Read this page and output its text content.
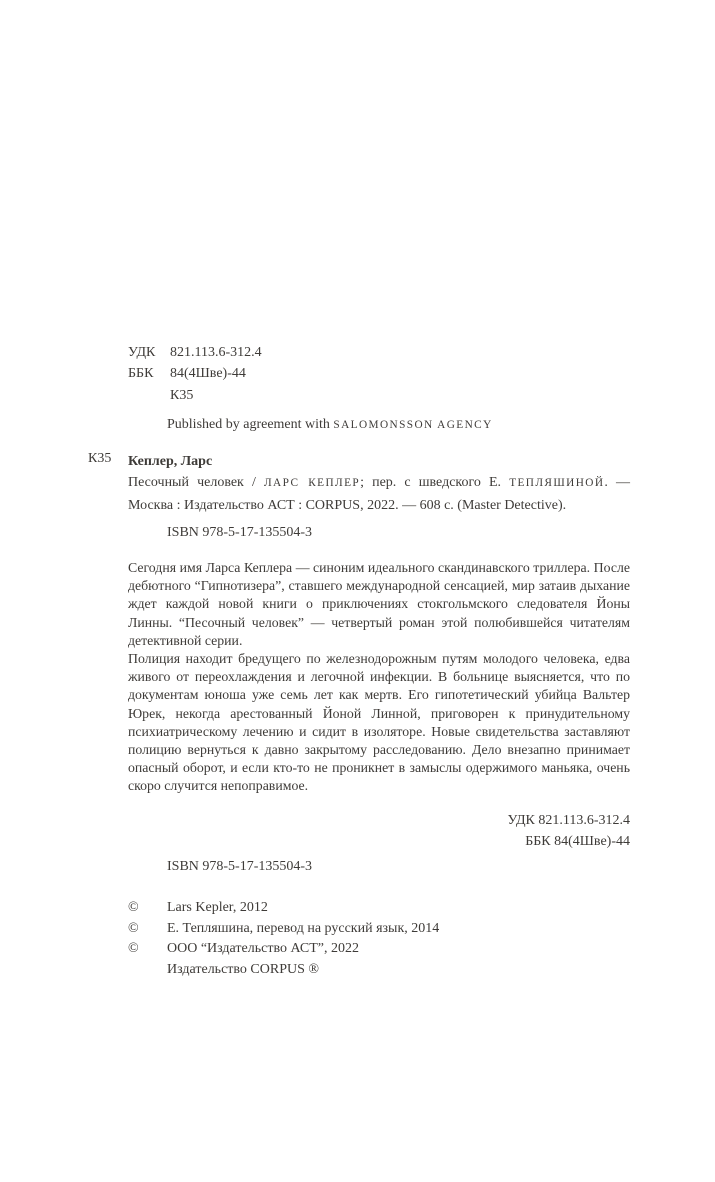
УДК 821.113.6-312.4
ББК 84(4Шве)-44
К35
Published by agreement with SALOMONSSON AGENCY
К35 Кеплер, Ларс

Песочный человек / ЛАРС КЕПЛЕР; пер. с шведского Е. ТЕПЛЯШИНОЙ. — Москва : Издательство АСТ : CORPUS, 2022. — 608 с. (Master Detective).

ISBN 978-5-17-135504-3

Сегодня имя Ларса Кеплера — синоним идеального скандинавского триллера. После дебютного “Гипнотизера”, ставшего международной сенсацией, мир затаив дыхание ждет каждой новой книги о приключениях стокгольмского следователя Йоны Линны. “Песочный человек” — четвертый роман этой полюбившейся читателям детективной серии.

Полиция находит бредущего по железнодорожным путям молодого человека, едва живого от переохлаждения и легочной инфекции. В больнице выясняется, что по документам юноша уже семь лет как мертв. Его гипотетический убийца Вальтер Юрек, некогда арестованный Йоной Линной, приговорен к принудительному психиатрическому лечению и сидит в изоляторе. Новые свидетельства заставляют полицию вернуться к давно закрытому расследованию. Дело внезапно принимает опасный оборот, и если кто-то не проникнет в замыслы одержимого маньяка, очень скоро случится непоправимое.

УДК 821.113.6-312.4
ББК 84(4Шве)-44
ISBN 978-5-17-135504-3
© Lars Kepler, 2012
© Е. Тепляшина, перевод на русский язык, 2014
© ООО “Издательство АСТ”, 2022
Издательство CORPUS ®
